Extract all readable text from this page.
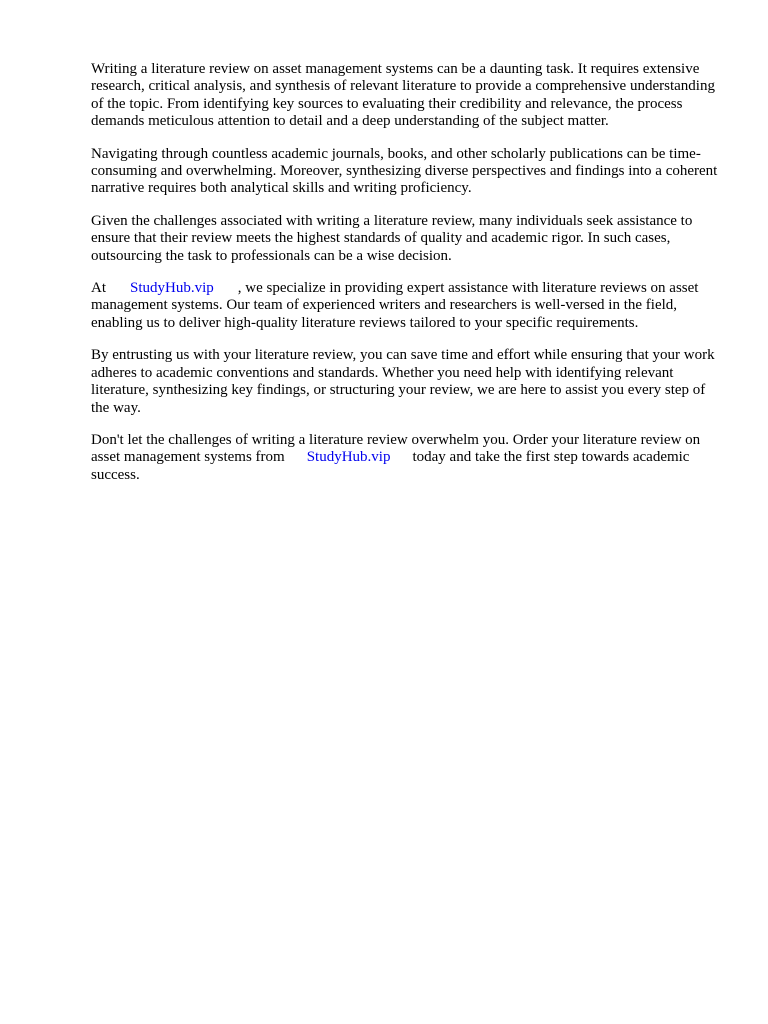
Writing a literature review on asset management systems can be a daunting task. It requires extensive research, critical analysis, and synthesis of relevant literature to provide a comprehensive understanding of the topic. From identifying key sources to evaluating their credibility and relevance, the process demands meticulous attention to detail and a deep understanding of the subject matter.

Navigating through countless academic journals, books, and other scholarly publications can be time-consuming and overwhelming. Moreover, synthesizing diverse perspectives and findings into a coherent narrative requires both analytical skills and writing proficiency.

Given the challenges associated with writing a literature review, many individuals seek assistance to ensure that their review meets the highest standards of quality and academic rigor. In such cases, outsourcing the task to professionals can be a wise decision.

At StudyHub.vip , we specialize in providing expert assistance with literature reviews on asset management systems. Our team of experienced writers and researchers is well-versed in the field, enabling us to deliver high-quality literature reviews tailored to your specific requirements.

By entrusting us with your literature review, you can save time and effort while ensuring that your work adheres to academic conventions and standards. Whether you need help with identifying relevant literature, synthesizing key findings, or structuring your review, we are here to assist you every step of the way.

Don't let the challenges of writing a literature review overwhelm you. Order your literature review on asset management systems from StudyHub.vip today and take the first step towards academic success.
